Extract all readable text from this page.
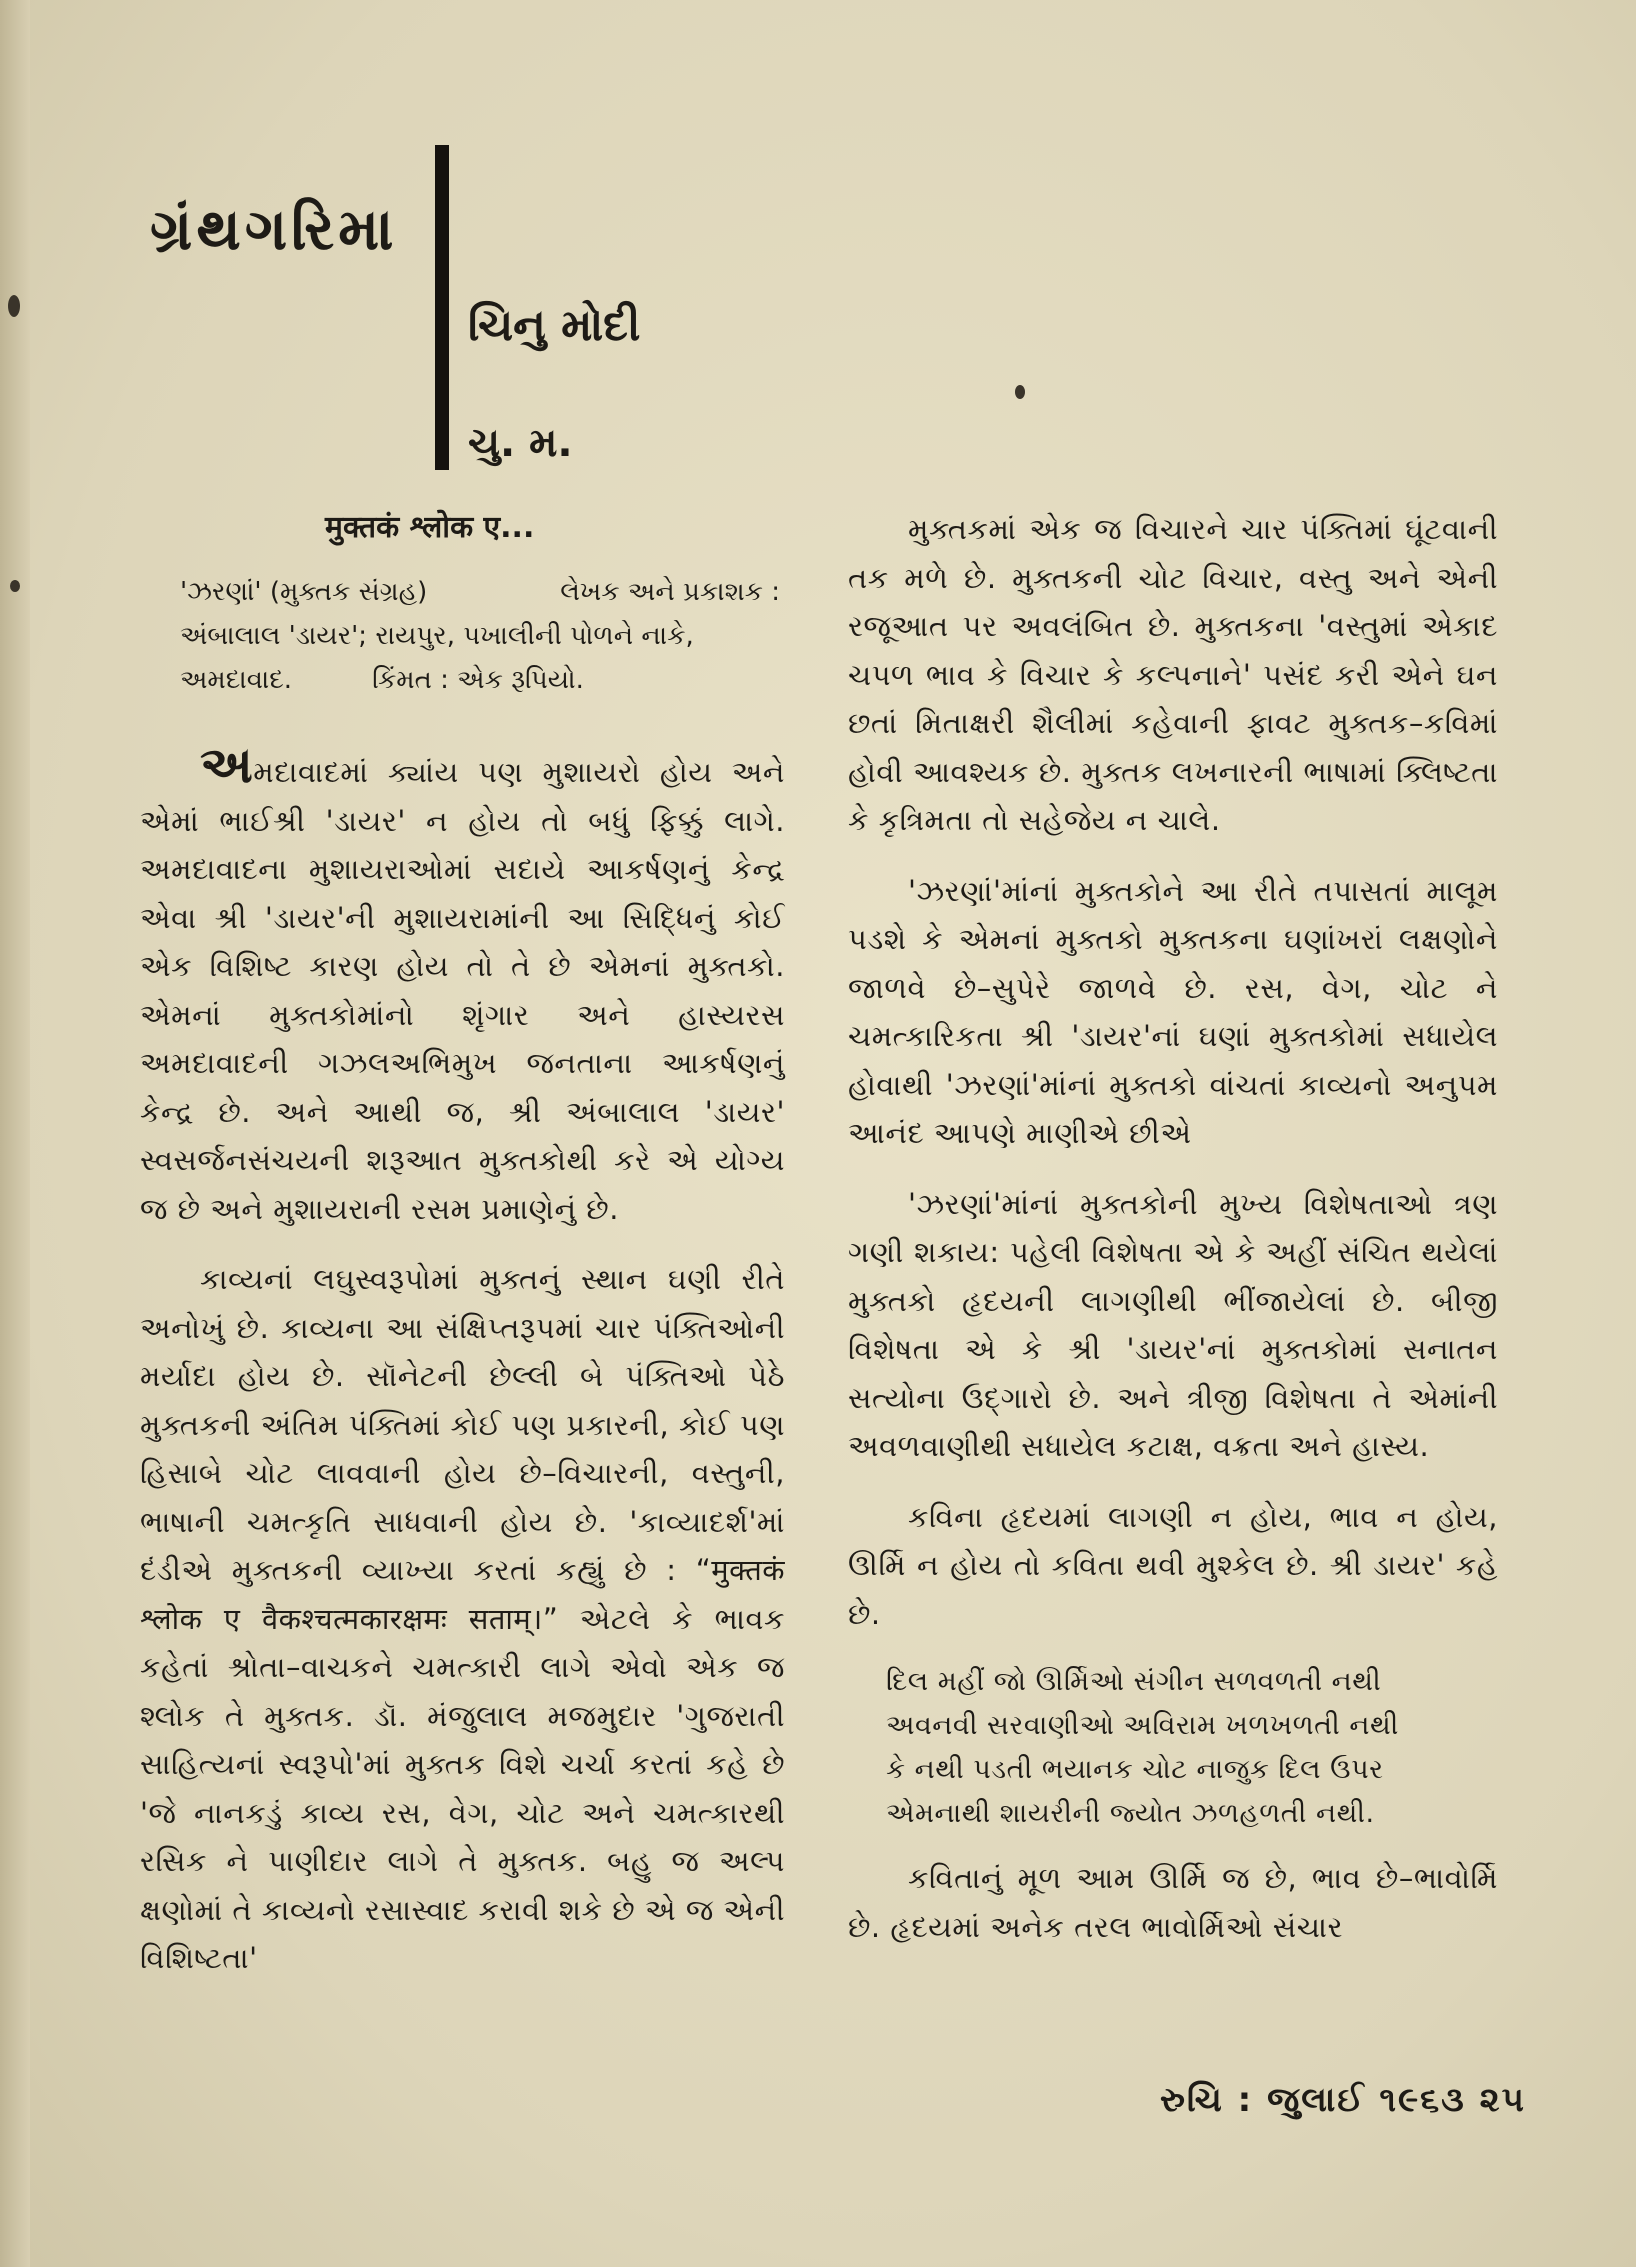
ગ્રંથગરિમા
ચિનુ મોદી
ચુ. મ.
मुक्तकं श्लोक ए...
'ઝરણાં' (મુક્તક સંગ્રહ)	લેખક અને પ્રકાશક :
અંબાલાલ 'ડાયર'; રાયપુર, પખાલીની પોળને નાકે,
અમદાવાદ.	કિંમત : એક રૂપિયો.

અમદાવાદમાં ક્યાંય પણ મુશાયરો હોય અને એમાં ભાઈશ્રી 'ડાયર' ન હોય તો બધું ફિક્કું લાગે. અમદાવાદના મુશાયરાઓમાં સદાયે આકર્ષણનું કેન્દ્ર એવા શ્રી 'ડાયર'ની મુશાયરામાંની આ સિદ્ધિનું કોઈ એક વિશિષ્ટ કારણ હોય તો તે છે એમનાં મુક્તકો. એમનાં મુક્તકોમાંનો શૃંગાર અને હાસ્યરસ અમદાવાદની ગઝલઅભિમુખ જનતાના આકર્ષણનું કેન્દ્ર છે. અને આથી જ, શ્રી અંબાલાલ 'ડાયર' સ્વસર્જનસંચયની શરૂઆત મુક્તકોથી કરે એ યોગ્ય જ છે અને મુશાયરાની રસમ પ્રમાણેનું છે.

કાવ્યનાં લઘુસ્વરૂપોમાં મુક્તનું સ્થાન ઘણી રીતે અનોખું છે. કાવ્યના આ સંક્ષિપ્તરૂપમાં ચાર પંક્તિઓની મર્યાદા હોય છે. સૉનેટની છેલ્લી બે પંક્તિઓ પેઠે મુક્તકની અંતિમ પંક્તિમાં કોઈ પણ પ્રકારની, કોઈ પણ હિસાબે ચોટ લાવવાની હોય છે–વિચારની, વસ્તુની, ભાષાની ચમત્કૃતિ સાધવાની હોય છે. 'કાવ્યાદર્શ'માં દંડીએ મુક્તકની વ્યાખ્યા કરતાં કહ્યું છે : “मुक्तकं श्लोक ए वैकश्चत्मकारक्षमः सताम्।” એટલે કે ભાવક કહેતાં શ્રોતા–વાચકને ચમત્કારી લાગે એવો એક જ શ્લોક તે મુક્તક. ડૉ. મંજુલાલ મજમુદાર 'ગુજરાતી સાહિત્યનાં સ્વરૂપો'માં મુક્તક વિશે ચર્ચા કરતાં કહે છે 'જે નાનકડું કાવ્ય રસ, વેગ, ચોટ અને ચમત્કારથી રસિક ને પાણીદાર લાગે તે મુક્તક. બહુ જ અલ્પ ક્ષણોમાં તે કાવ્યનો રસાસ્વાદ કરાવી શકે છે એ જ એની વિશિષ્ટતા'

મુક્તકમાં એક જ વિચારને ચાર પંક્તિમાં ઘૂંટવાની તક મળે છે. મુક્તકની ચોટ વિચાર, વસ્તુ અને એની રજૂઆત પર અવલંબિત છે. મુક્તકના 'વસ્તુમાં એકાદ ચપળ ભાવ કે વિચાર કે કલ્પનાને' પસંદ કરી એને ઘન છતાં મિતાક્ષરી શૈલીમાં કહેવાની ફાવટ મુક્તક–કવિમાં હોવી આવશ્યક છે. મુક્તક લખનારની ભાષામાં ક્લિષ્ટતા કે કૃત્રિમતા તો સહેજેય ન ચાલે.

'ઝરણાં'માંનાં મુક્તકોને આ રીતે તપાસતાં માલૂમ પડશે કે એમનાં મુક્તકો મુક્તકના ઘણાંખરાં લક્ષણોને જાળવે છે–સુપેરે જાળવે છે. રસ, વેગ, ચોટ ને ચમત્કારિકતા શ્રી 'ડાયર'નાં ઘણાં મુક્તકોમાં સધાયેલ હોવાથી 'ઝરણાં'માંનાં મુક્તકો વાંચતાં કાવ્યનો અનુપમ આનંદ આપણે માણીએ છીએ

'ઝરણાં'માંનાં મુક્તકોની મુખ્ય વિશેષતાઓ ત્રણ ગણી શકાય: પહેલી વિશેષતા એ કે અહીં સંચિત થયેલાં મુક્તકો હૃદયની લાગણીથી ભીંજાયેલાં છે. બીજી વિશેષતા એ કે શ્રી 'ડાયર'નાં મુક્તકોમાં સનાતન સત્યોના ઉદ્ગારો છે. અને ત્રીજી વિશેષતા તે એમાંની અવળવાણીથી સધાયેલ કટાક્ષ, વક્રતા અને હાસ્ય.

કવિના હૃદયમાં લાગણી ન હોય, ભાવ ન હોય, ઊર્મિ ન હોય તો કવિતા થવી મુશ્કેલ છે. શ્રી ડાયર' કહે છે.

દિલ મહીં જો ઊર્મિઓ સંગીન સળવળતી નથી
અવનવી સરવાણીઓ અવિરામ ખળખળતી નથી
કે નથી પડતી ભયાનક ચોટ નાજુક દિલ ઉપર
એમનાથી શાયરીની જ્યોત ઝળહળતી નથી.

કવિતાનું મૂળ આમ ઊર્મિ જ છે, ભાવ છે–ભાવોર્મિ છે. હૃદયમાં અનેક તરલ ભાવોર્મિઓ સંચાર

રુચિ : જુલાઈ ૧૯૬૩ ૨૫
